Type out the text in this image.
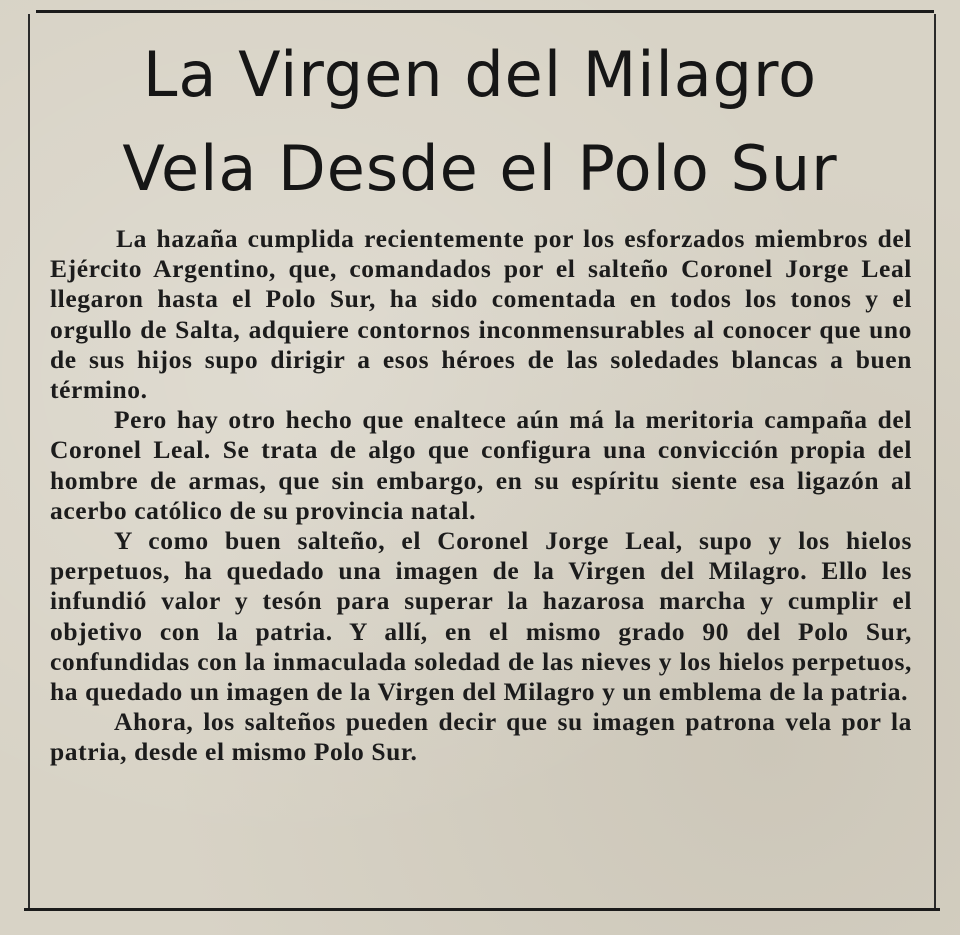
La Virgen del Milagro
Vela Desde el Polo Sur

La hazaña cumplida recientemente por los esforzados miembros del Ejército Argentino, que, comandados por el salteño Coronel Jorge Leal llegaron hasta el Polo Sur, ha sido comentada en todos los tonos y el orgullo de Salta, adquiere contornos inconmensurables al conocer que uno de sus hijos supo dirigir a esos héroes de las soledades blancas a buen término.

Pero hay otro hecho que enaltece aún má la meritoria campaña del Coronel Leal. Se trata de algo que configura una convicción propia del hombre de armas, que sin embargo, en su espíritu siente esa ligazón al acerbo católico de su provincia natal.

Y como buen salteño, el Coronel Jorge Leal, supo y los hielos perpetuos, ha quedado una imagen de la Virgen del Milagro. Ello les infundió valor y tesón para superar la hazarosa marcha y cumplir el objetivo con la patria. Y allí, en el mismo grado 90 del Polo Sur, confundidas con la inmaculada soledad de las nieves y los hielos perpetuos, ha quedado un imagen de la Virgen del Milagro y un emblema de la patria.

Ahora, los salteños pueden decir que su imagen patrona vela por la patria, desde el mismo Polo Sur.
